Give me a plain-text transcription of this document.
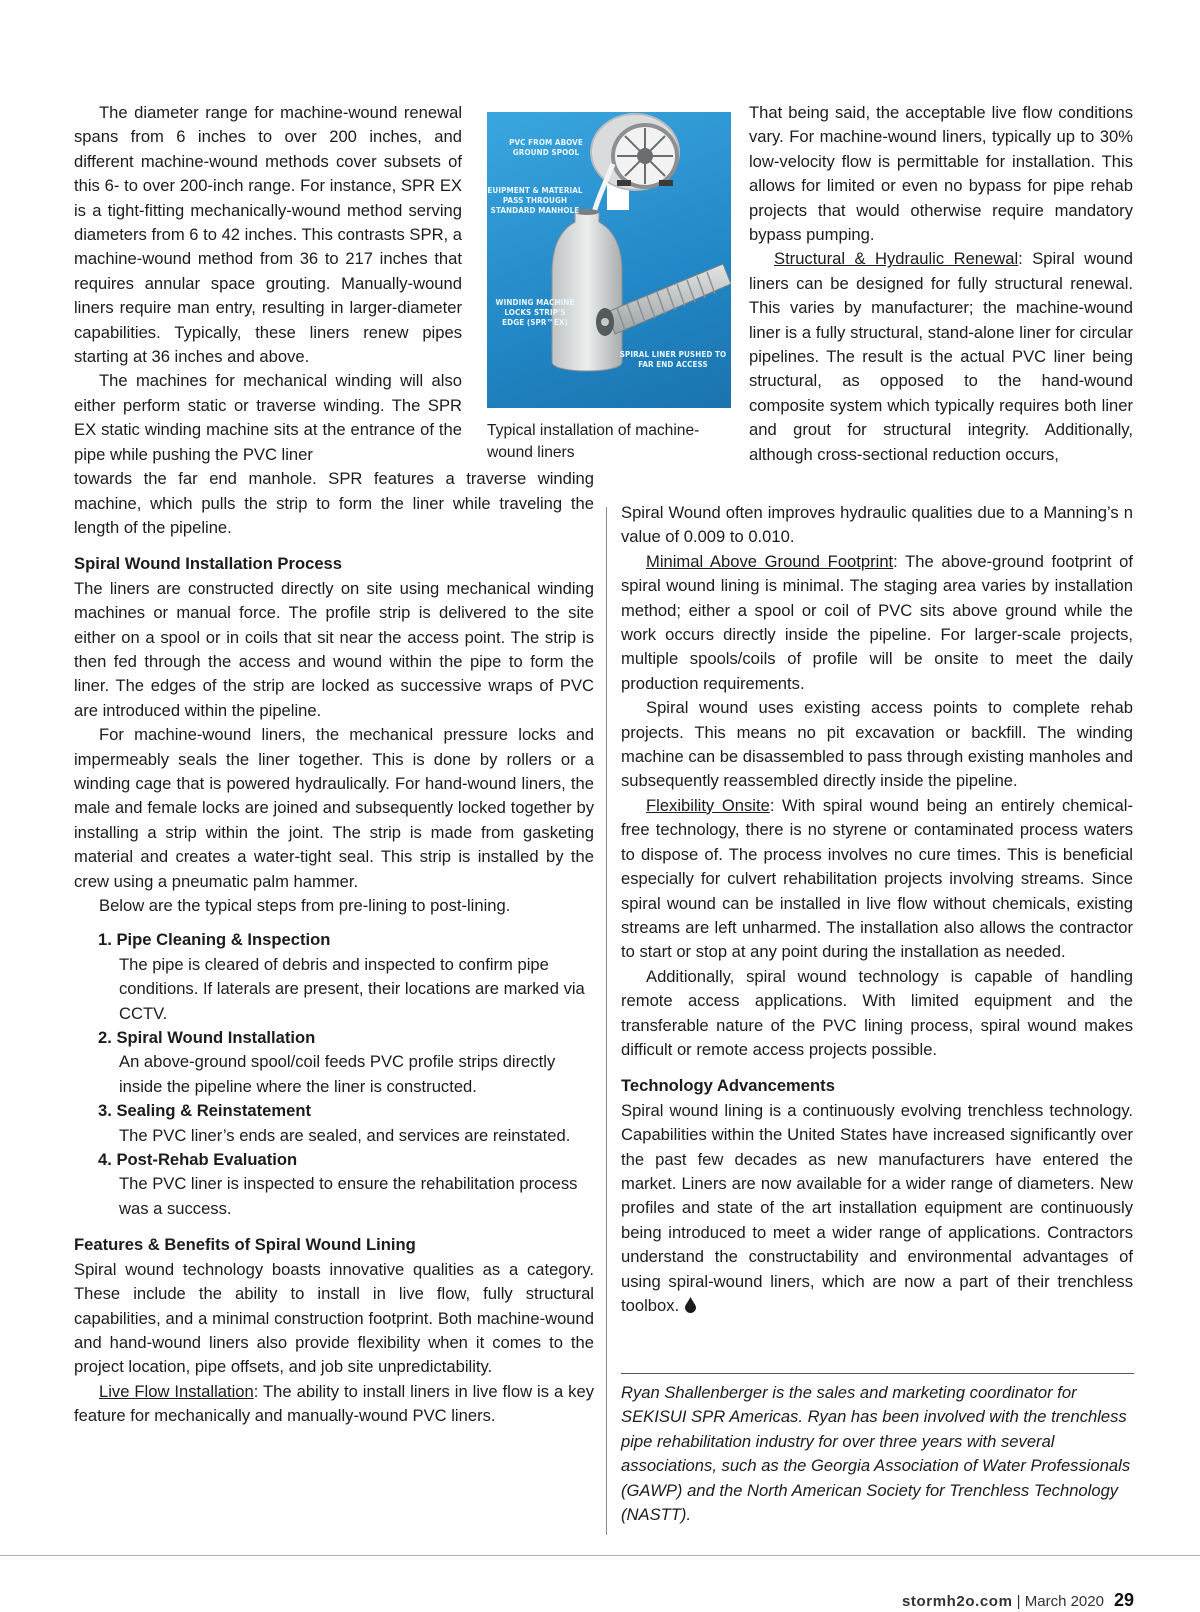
PVC FROM ABOVE GROUND SPOOL
EUIPMENT & MATERIAL PASS THROUGH STANDARD MANHOLE
WINDING MACHINE LOCKS STRIP'S EDGE (SPR™EX)
SPIRAL LINER PUSHED TO FAR END ACCESS
Typical installation of machine-wound liners

The diameter range for machine-wound renewal spans from 6 inches to over 200 inches, and different machine-wound methods cover subsets of this 6- to over 200-inch range. For instance, SPR EX is a tight-fitting mechanically-wound method serving diameters from 6 to 42 inches. This contrasts SPR, a machine-wound method from 36 to 217 inches that requires annular space grouting. Manually-wound liners require man entry, resulting in larger-diameter capabilities. Typically, these liners renew pipes starting at 36 inches and above.

The machines for mechanical winding will also either perform static or traverse winding. The SPR EX static winding machine sits at the entrance of the pipe while pushing the PVC liner

towards the far end manhole. SPR features a traverse winding machine, which pulls the strip to form the liner while traveling the length of the pipeline.

Spiral Wound Installation Process

The liners are constructed directly on site using mechanical winding machines or manual force. The profile strip is delivered to the site either on a spool or in coils that sit near the access point. The strip is then fed through the access and wound within the pipe to form the liner. The edges of the strip are locked as successive wraps of PVC are introduced within the pipeline.

For machine-wound liners, the mechanical pressure locks and impermeably seals the liner together. This is done by rollers or a winding cage that is powered hydraulically. For hand-wound liners, the male and female locks are joined and subsequently locked together by installing a strip within the joint. The strip is made from gasketing material and creates a water-tight seal. This strip is installed by the crew using a pneumatic palm hammer.

Below are the typical steps from pre-lining to post-lining.

1. Pipe Cleaning & Inspection
The pipe is cleared of debris and inspected to confirm pipe conditions. If laterals are present, their locations are marked via CCTV.
2. Spiral Wound Installation
An above-ground spool/coil feeds PVC profile strips directly inside the pipeline where the liner is constructed.
3. Sealing & Reinstatement
The PVC liner’s ends are sealed, and services are reinstated.
4. Post-Rehab Evaluation
The PVC liner is inspected to ensure the rehabilitation process was a success.
Features & Benefits of Spiral Wound Lining

Spiral wound technology boasts innovative qualities as a category. These include the ability to install in live flow, fully structural capabilities, and a minimal construction footprint. Both machine-wound and hand-wound liners also provide flexibility when it comes to the project location, pipe offsets, and job site unpredictability.

Live Flow Installation: The ability to install liners in live flow is a key feature for mechanically and manually-wound PVC liners.

That being said, the acceptable live flow conditions vary. For machine-wound liners, typically up to 30% low-velocity flow is permittable for installation. This allows for limited or even no bypass for pipe rehab projects that would otherwise require mandatory bypass pumping.

Structural & Hydraulic Renewal: Spiral wound liners can be designed for fully structural renewal. This varies by manufacturer; the machine-wound liner is a fully structural, stand-alone liner for circular pipelines. The result is the actual PVC liner being structural, as opposed to the hand-wound composite system which typically requires both liner and grout for structural integrity. Additionally, although cross-sectional reduction occurs,

Spiral Wound often improves hydraulic qualities due to a Manning’s n value of 0.009 to 0.010.

Minimal Above Ground Footprint: The above-ground footprint of spiral wound lining is minimal. The staging area varies by installation method; either a spool or coil of PVC sits above ground while the work occurs directly inside the pipeline. For larger-scale projects, multiple spools/coils of profile will be onsite to meet the daily production requirements.

Spiral wound uses existing access points to complete rehab projects. This means no pit excavation or backfill. The winding machine can be disassembled to pass through existing manholes and subsequently reassembled directly inside the pipeline.

Flexibility Onsite: With spiral wound being an entirely chemical-free technology, there is no styrene or contaminated process waters to dispose of. The process involves no cure times. This is beneficial especially for culvert rehabilitation projects involving streams. Since spiral wound can be installed in live flow without chemicals, existing streams are left unharmed. The installation also allows the contractor to start or stop at any point during the installation as needed.

Additionally, spiral wound technology is capable of handling remote access applications. With limited equipment and the transferable nature of the PVC lining process, spiral wound makes difficult or remote access projects possible.

Technology Advancements

Spiral wound lining is a continuously evolving trenchless technology. Capabilities within the United States have increased significantly over the past few decades as new manufacturers have entered the market. Liners are now available for a wider range of diameters. New profiles and state of the art installation equipment are continuously being introduced to meet a wider range of applications. Contractors understand the constructability and environmental advantages of using spiral-wound liners, which are now a part of their trenchless toolbox.

Ryan Shallenberger is the sales and marketing coordinator for SEKISUI SPR Americas. Ryan has been involved with the trenchless pipe rehabilitation industry for over three years with several associations, such as the Georgia Association of Water Professionals (GAWP) and the North American Society for Trenchless Technology (NASTT).

stormh2o.com | March 2020 29
